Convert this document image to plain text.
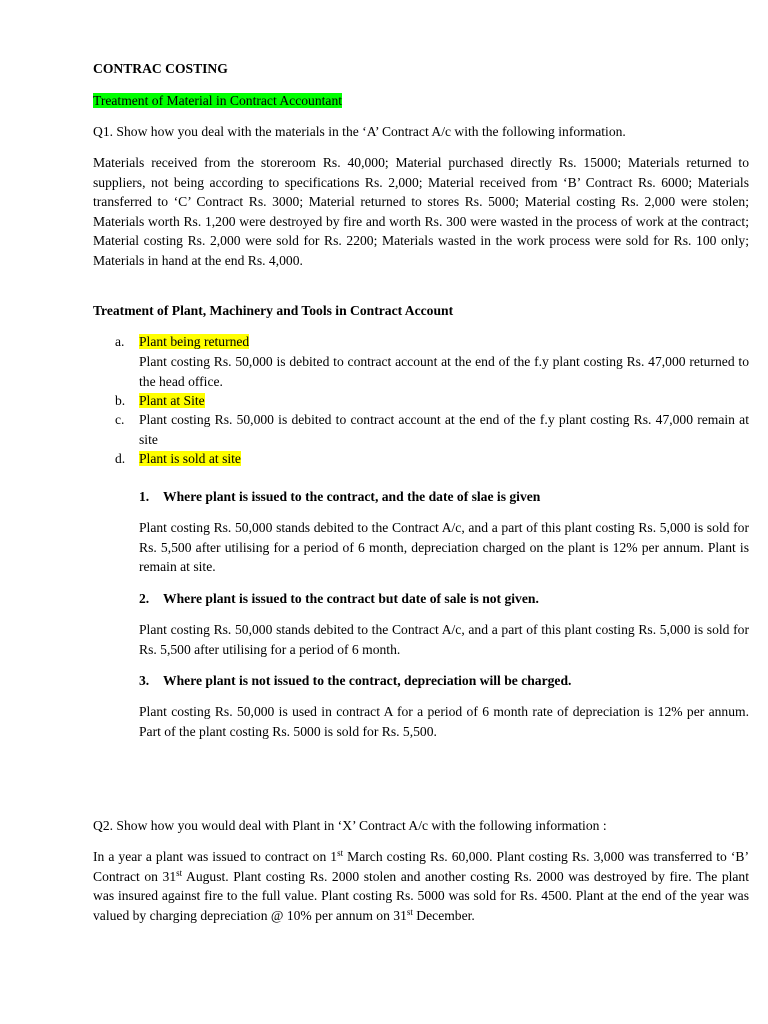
CONTRAC COSTING
Treatment of Material in Contract Accountant
Q1. Show how you deal with the materials in the ‘A’ Contract A/c with the following information.
Materials received from the storeroom Rs. 40,000; Material purchased directly Rs. 15000; Materials returned to suppliers, not being according to specifications Rs. 2,000; Material received from ‘B’ Contract Rs. 6000; Materials transferred to ‘C’ Contract Rs. 3000; Material returned to stores Rs. 5000; Material costing Rs. 2,000 were stolen; Materials worth Rs. 1,200 were destroyed by fire and worth Rs. 300 were wasted in the process of work at the contract; Material costing Rs. 2,000 were sold for Rs. 2200; Materials wasted in the work process were sold for Rs. 100 only; Materials in hand at the end Rs. 4,000.
Treatment of Plant, Machinery and Tools in Contract Account
a. Plant being returned
Plant costing Rs. 50,000 is debited to contract account at the end of the f.y plant costing Rs. 47,000 returned to the head office.
b. Plant at Site
c. Plant costing Rs. 50,000 is debited to contract account at the end of the f.y plant costing Rs. 47,000 remain at site
d. Plant is sold at site
1. Where plant is issued to the contract, and the date of slae is given
Plant costing Rs. 50,000 stands debited to the Contract A/c, and a part of this plant costing Rs. 5,000 is sold for Rs. 5,500 after utilising for a period of 6 month, depreciation charged on the plant is 12% per annum. Plant is remain at site.
2. Where plant is issued to the contract but date of sale is not given.
Plant costing Rs. 50,000 stands debited to the Contract A/c, and a part of this plant costing Rs. 5,000 is sold for Rs. 5,500 after utilising for a period of 6 month.
3. Where plant is not issued to the contract, depreciation will be charged.
Plant costing Rs. 50,000 is used in contract A for a period of 6 month rate of depreciation is 12% per annum. Part of the plant costing Rs. 5000 is sold for Rs. 5,500.
Q2. Show how you would deal with Plant in ‘X’ Contract A/c with the following information :
In a year a plant was issued to contract on 1st March costing Rs. 60,000. Plant costing Rs. 3,000 was transferred to ‘B’ Contract on 31st August. Plant costing Rs. 2000 stolen and another costing Rs. 2000 was destroyed by fire. The plant was insured against fire to the full value. Plant costing Rs. 5000 was sold for Rs. 4500. Plant at the end of the year was valued by charging depreciation @ 10% per annum on 31st December.
